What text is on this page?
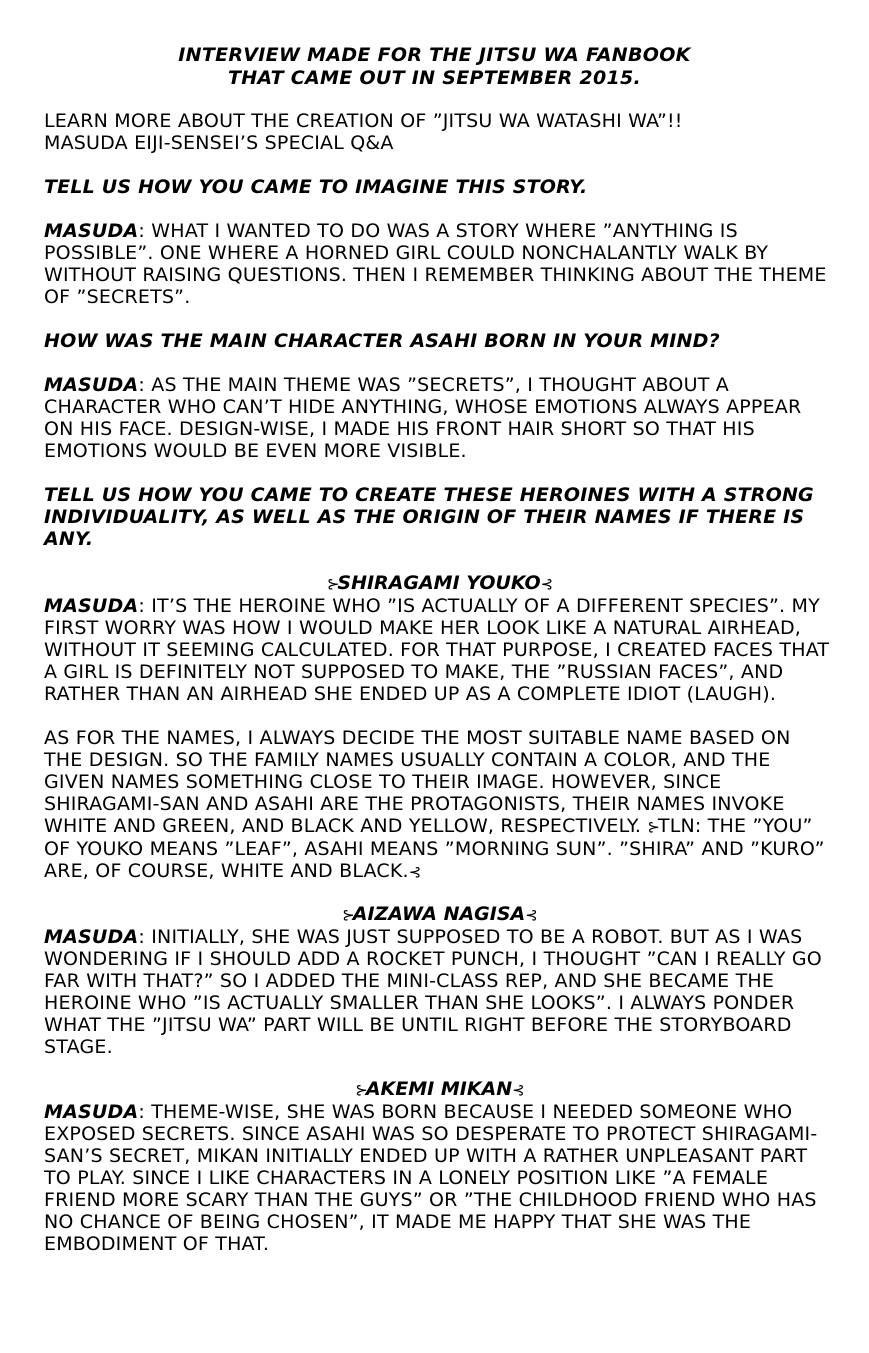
INTERVIEW MADE FOR THE JITSU WA FANBOOK
THAT CAME OUT IN SEPTEMBER 2015.

LEARN MORE ABOUT THE CREATION OF ”JITSU WA WATASHI WA”!!
MASUDA EIJI-SENSEI’S SPECIAL Q&A

TELL US HOW YOU CAME TO IMAGINE THIS STORY.

MASUDA: WHAT I WANTED TO DO WAS A STORY WHERE ”ANYTHING IS POSSIBLE”. ONE WHERE A HORNED GIRL COULD NONCHALANTLY WALK BY WITHOUT RAISING QUESTIONS. THEN I REMEMBER THINKING ABOUT THE THEME OF ”SECRETS”.

HOW WAS THE MAIN CHARACTER ASAHI BORN IN YOUR MIND?

MASUDA: AS THE MAIN THEME WAS ”SECRETS”, I THOUGHT ABOUT A CHARACTER WHO CAN’T HIDE ANYTHING, WHOSE EMOTIONS ALWAYS APPEAR ON HIS FACE. DESIGN-WISE, I MADE HIS FRONT HAIR SHORT SO THAT HIS EMOTIONS WOULD BE EVEN MORE VISIBLE.

TELL US HOW YOU CAME TO CREATE THESE HEROINES WITH A STRONG INDIVIDUALITY, AS WELL AS THE ORIGIN OF THEIR NAMES IF THERE IS ANY.

⊱SHIRAGAMI YOUKO⊰

MASUDA: IT’S THE HEROINE WHO ”IS ACTUALLY OF A DIFFERENT SPECIES”. MY FIRST WORRY WAS HOW I WOULD MAKE HER LOOK LIKE A NATURAL AIRHEAD, WITHOUT IT SEEMING CALCULATED. FOR THAT PURPOSE, I CREATED FACES THAT A GIRL IS DEFINITELY NOT SUPPOSED TO MAKE, THE ”RUSSIAN FACES”, AND RATHER THAN AN AIRHEAD SHE ENDED UP AS A COMPLETE IDIOT (LAUGH).

AS FOR THE NAMES, I ALWAYS DECIDE THE MOST SUITABLE NAME BASED ON THE DESIGN. SO THE FAMILY NAMES USUALLY CONTAIN A COLOR, AND THE GIVEN NAMES SOMETHING CLOSE TO THEIR IMAGE. HOWEVER, SINCE SHIRAGAMI-SAN AND ASAHI ARE THE PROTAGONISTS, THEIR NAMES INVOKE WHITE AND GREEN, AND BLACK AND YELLOW, RESPECTIVELY. ⊱TLN: THE ”YOU” OF YOUKO MEANS ”LEAF”, ASAHI MEANS ”MORNING SUN”. ”SHIRA” AND ”KURO” ARE, OF COURSE, WHITE AND BLACK.⊰

⊱AIZAWA NAGISA⊰

MASUDA: INITIALLY, SHE WAS JUST SUPPOSED TO BE A ROBOT. BUT AS I WAS WONDERING IF I SHOULD ADD A ROCKET PUNCH, I THOUGHT ”CAN I REALLY GO FAR WITH THAT?” SO I ADDED THE MINI-CLASS REP, AND SHE BECAME THE HEROINE WHO ”IS ACTUALLY SMALLER THAN SHE LOOKS”. I ALWAYS PONDER WHAT THE ”JITSU WA” PART WILL BE UNTIL RIGHT BEFORE THE STORYBOARD STAGE.

⊱AKEMI MIKAN⊰

MASUDA: THEME-WISE, SHE WAS BORN BECAUSE I NEEDED SOMEONE WHO EXPOSED SECRETS. SINCE ASAHI WAS SO DESPERATE TO PROTECT SHIRAGAMI-SAN’S SECRET, MIKAN INITIALLY ENDED UP WITH A RATHER UNPLEASANT PART TO PLAY. SINCE I LIKE CHARACTERS IN A LONELY POSITION LIKE ”A FEMALE FRIEND MORE SCARY THAN THE GUYS” OR ”THE CHILDHOOD FRIEND WHO HAS NO CHANCE OF BEING CHOSEN”, IT MADE ME HAPPY THAT SHE WAS THE EMBODIMENT OF THAT.
